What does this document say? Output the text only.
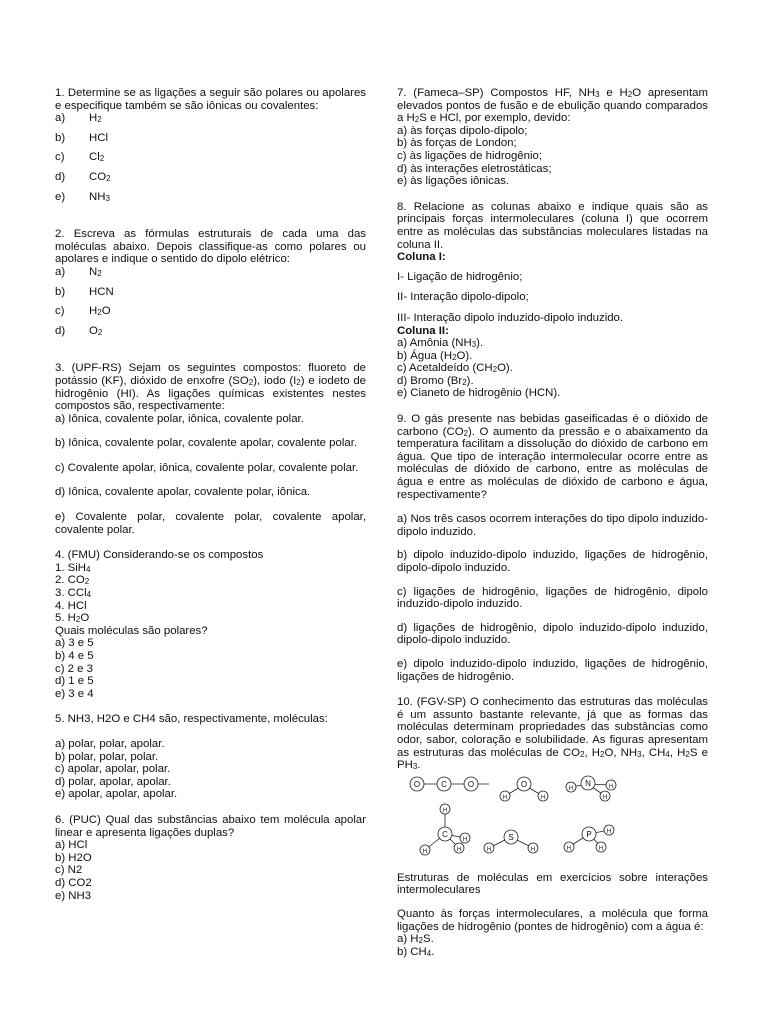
1. Determine se as ligações a seguir são polares ou apolares e especifique também se são iônicas ou covalentes:
a) $H_2$
b) HCl
c) $Cl_2$
d) $CO_2$
e) $NH_3$
2. Escreva as fórmulas estruturais de cada uma das moléculas abaixo. Depois classifique-as como polares ou apolares e indique o sentido do dipolo elétrico:
a) $N_2$
b) HCN
c) $H_2O$
d) $O_2$
3. (UPF-RS) Sejam os seguintes compostos: fluoreto de potássio (KF), dióxido de enxofre $(SO_2)$, iodo $(I_2)$ e iodeto de hidrogênio (HI). As ligações químicas existentes nestes compostos são, respectivamente:
a) Iônica, covalente polar, iônica, covalente polar.
b) Iônica, covalente polar, covalente apolar, covalente polar.
c) Covalente apolar, iônica, covalente polar, covalente polar.
d) Iônica, covalente apolar, covalente polar, iônica.
e) Covalente polar, covalente polar, covalente apolar, covalente polar.
4. (FMU) Considerando-se os compostos
1. SiH$_4$
2. $CO_2$
3. CCl$_4$
4. HCl
5. $H_2O$
Quais moléculas são polares?
a) 3 e 5
b) 4 e 5
c) 2 e 3
d) 1 e 5
e) 3 e 4
5. NH3, H2O e CH4 são, respectivamente, moléculas:
a) polar, polar, apolar.
b) polar, polar, polar.
c) apolar, apolar, polar.
d) polar, apolar, apolar.
e) apolar, apolar, apolar.
6. (PUC) Qual das substâncias abaixo tem molécula apolar linear e apresenta ligações duplas?
a) HCl
b) H2O
c) N2
d) CO2
e) NH3
7. (Fameca–SP) Compostos HF, $NH_3$ e $H_2O$ apresentam elevados pontos de fusão e de ebulição quando comparados a $H_2S$ e HCl, por exemplo, devido:
a) às forças dipolo-dipolo;
b) às forças de London;
c) às ligações de hidrogênio;
d) às interações eletrostáticas;
e) às ligações iônicas.
8. Relacione as colunas abaixo e indique quais são as principais forças intermoleculares (coluna I) que ocorrem entre as moléculas das substâncias moleculares listadas na coluna II.
Coluna I:
I- Ligação de hidrogênio;
II- Interação dipolo-dipolo;
III- Interação dipolo induzido-dipolo induzido.
Coluna II:
a) Amônia $(NH_3)$.
b) Água $(H_2O)$.
c) Acetaldeído $(CH_2O)$.
d) Bromo $(Br_2)$.
e) Cianeto de hidrogênio (HCN).
9. O gás presente nas bebidas gaseificadas é o dióxido de carbono $(CO_2)$. O aumento da pressão e o abaixamento da temperatura facilitam a dissolução do dióxido de carbono em água. Que tipo de interação intermolecular ocorre entre as moléculas de dióxido de carbono, entre as moléculas de água e entre as moléculas de dióxido de carbono e água, respectivamente?
a) Nos três casos ocorrem interações do tipo dipolo induzido-dipolo induzido.
b) dipolo induzido-dipolo induzido, ligações de hidrogênio, dipolo-dipolo induzido.
c) ligações de hidrogênio, ligações de hidrogênio, dipolo induzido-dipolo induzido.
d) ligações de hidrogênio, dipolo induzido-dipolo induzido, dipolo-dipolo induzido.
e) dipolo induzido-dipolo induzido, ligações de hidrogênio, ligações de hidrogênio.
10. (FGV-SP) O conhecimento das estruturas das moléculas é um assunto bastante relevante, já que as formas das moléculas determinam propriedades das substâncias como odor, sabor, coloração e solubilidade. As figuras apresentam as estruturas das moléculas de $CO_2$, $H_2O$, $NH_3$, $CH_4$, $H_2S$ e $PH_3$.
O	C	O	O
H	H
N
H	H
H
C
H
H	H
H	S
H	H
P
H
H
H
Estruturas de moléculas em exercícios sobre interações intermoleculares
Quanto às forças intermoleculares, a molécula que forma ligações de hidrogênio (pontes de hidrogênio) com a água é:
a) $H_2S$.
b) $CH_4$.
